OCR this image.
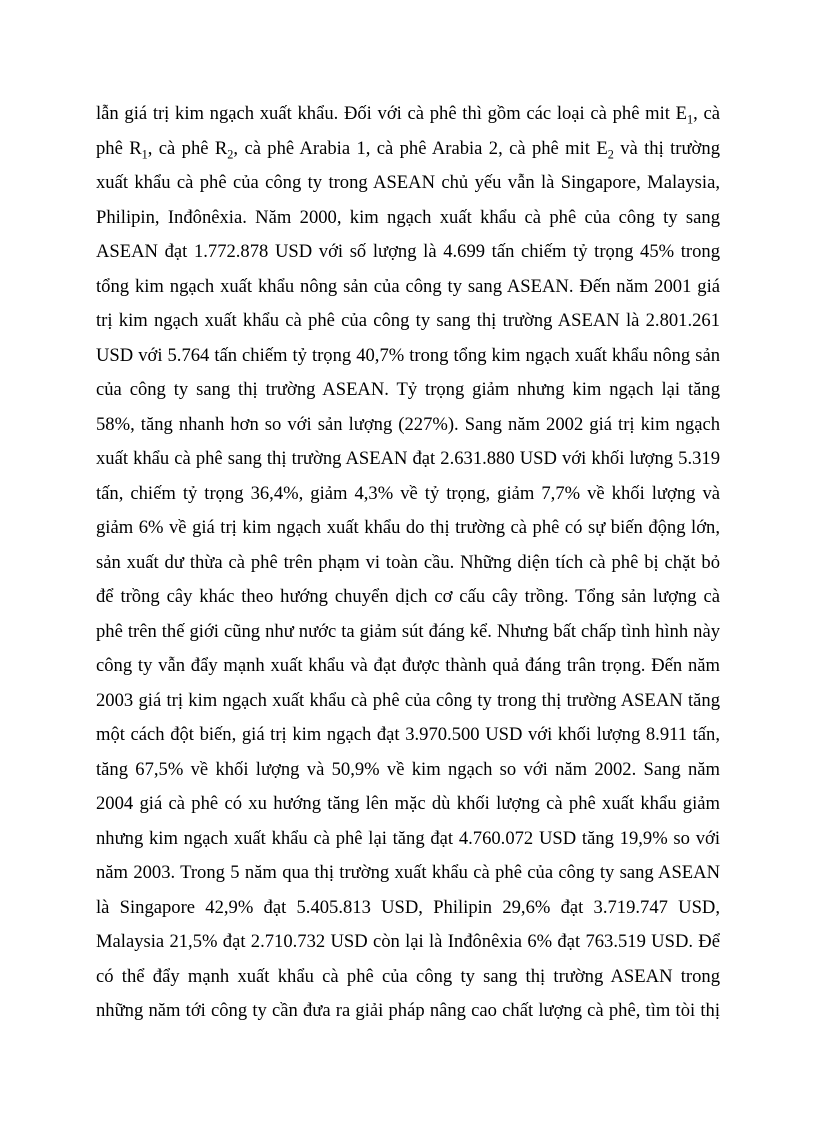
lẫn giá trị kim ngạch xuất khẩu. Đối với cà phê thì gồm các loại cà phê mit $E_1$, cà
phê $R_1$, cà phê $R_2$, cà phê Arabia 1, cà phê Arabia 2, cà phê mit $E_2$ và thị trường
xuất khẩu cà phê của công ty trong ASEAN chủ yếu vẫn là Singapore, Malaysia,
Philipin, Inđônêxia. Năm 2000, kim ngạch xuất khẩu cà phê của công ty sang
ASEAN đạt 1.772.878 USD với số lượng là 4.699 tấn chiếm tỷ trọng 45% trong
tổng kim ngạch xuất khẩu nông sản của công ty sang ASEAN. Đến năm 2001 giá
trị kim ngạch xuất khẩu cà phê của công ty sang thị trường ASEAN là 2.801.261
USD với 5.764 tấn chiếm tỷ trọng 40,7% trong tổng kim ngạch xuất khẩu nông sản
của công ty sang thị trường ASEAN. Tỷ trọng giảm nhưng kim ngạch lại tăng
58%, tăng nhanh hơn so với sản lượng (227%). Sang năm 2002 giá trị kim ngạch
xuất khẩu cà phê sang thị trường ASEAN đạt 2.631.880 USD với khối lượng 5.319
tấn, chiếm tỷ trọng 36,4%, giảm 4,3% về tỷ trọng, giảm 7,7% về khối lượng và
giảm 6% về giá trị kim ngạch xuất khẩu do thị trường cà phê có sự biến động lớn,
sản xuất dư thừa cà phê trên phạm vi toàn cầu. Những diện tích cà phê bị chặt bỏ
để trồng cây khác theo hướng chuyển dịch cơ cấu cây trồng. Tổng sản lượng cà
phê trên thế giới cũng như nước ta giảm sút đáng kể. Nhưng bất chấp tình hình này
công ty vẫn đẩy mạnh xuất khẩu và đạt được thành quả đáng trân trọng. Đến năm
2003 giá trị kim ngạch xuất khẩu cà phê của công ty trong thị trường ASEAN tăng
một cách đột biến, giá trị kim ngạch đạt 3.970.500 USD với khối lượng 8.911 tấn,
tăng 67,5% về khối lượng và 50,9% về kim ngạch so với năm 2002. Sang năm
2004 giá cà phê có xu hướng tăng lên mặc dù khối lượng cà phê xuất khẩu giảm
nhưng kim ngạch xuất khẩu cà phê lại tăng đạt 4.760.072 USD tăng 19,9% so với
năm 2003. Trong 5 năm qua thị trường xuất khẩu cà phê của công ty sang ASEAN
là Singapore 42,9% đạt 5.405.813 USD, Philipin 29,6% đạt 3.719.747 USD,
Malaysia 21,5% đạt 2.710.732 USD còn lại là Inđônêxia 6% đạt 763.519 USD. Để
có thể đẩy mạnh xuất khẩu cà phê của công ty sang thị trường ASEAN trong
những năm tới công ty cần đưa ra giải pháp nâng cao chất lượng cà phê, tìm tòi thị
